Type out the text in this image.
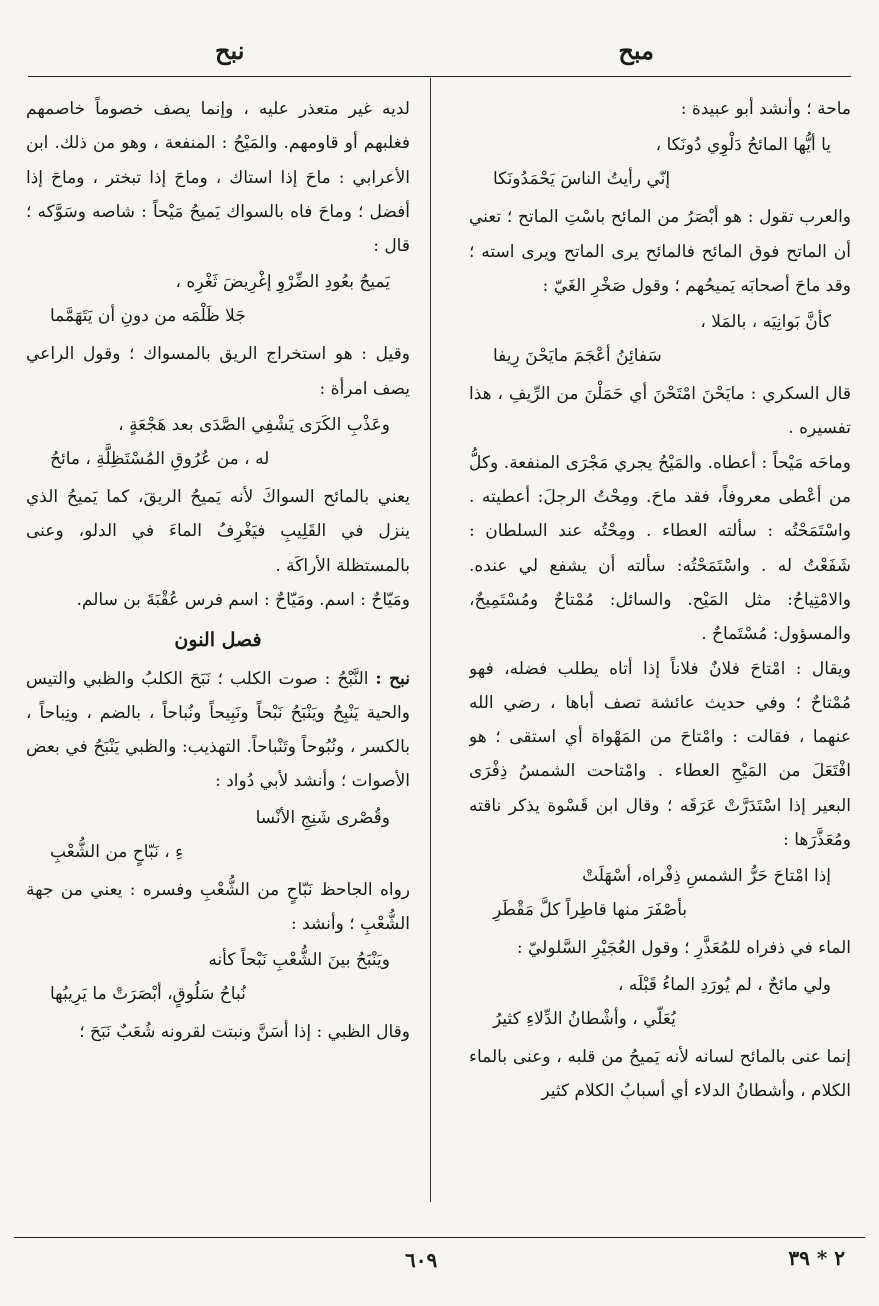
مبح
نبح

ماحة ؛ وأنشد أبو عبيدة :

يا أيُّها المائحُ دَلْوِي دُونَكا ،
إنّي رأيتُ الناسَ يَحْمَدُونَكا

والعرب تقول : هو أبْصَرُ من المائح باسْتِ الماتح ؛ تعني أن الماتح فوق المائح فالمائح يرى الماتح ويرى استه ؛ وقد ماحَ أصحابَه يَميحُهم ؛ وقول صَخْرِ الغَيّ :

كأنَّ بَوانِيَه ، بالمَلا ،
سَفائِنُ أعْجَمَ مايَحْنَ رِيفا

قال السكري : مايَحْنَ امْتَحْنَ أي حَمَلْنَ من الرِّيفِ ، هذا تفسيره .

وماحَه مَيْحاً : أعطاه. والمَيْحُ يجري مَجْرَى المنفعة. وكلُّ من أعْطى معروفاً، فقد ماحَ. ومِحْتُ الرجلَ: أعطيته . واسْتَمَحْتُه : سألته العطاء . ومِحْتُه عند السلطان : شَفَعْتُ له . واسْتَمَحْتُه: سألته أن يشفع لي عنده. والامْتِياحُ: مثل المَيْح. والسائل: مُمْتاحٌ ومُسْتَمِيحٌ، والمسؤول: مُسْتَماحٌ .

ويقال : امْتاحَ فلانٌ فلاناً إذا أتاه يطلب فضله، فهو مُمْتاحٌ ؛ وفي حديث عائشة تصف أباها ، رضي الله عنهما ، فقالت : وامْتاحَ من المَهْواة أي استقى ؛ هو افْتَعَلَ من المَيْحِ العطاء . وامْتاحت الشمسُ ذِفْرَى البعير إذا اسْتَدَرَّتْ عَرَقَه ؛ وقال ابن قَسْوة يذكر ناقته ومُعَذَّرَها :

إذا امْتاحَ حَرُّ الشمسِ ذِفْراه، أسْهَلَتْ
بأصْفَرَ منها قاطِراً كلَّ مَقْطَرِ

الماء في ذفراه للمُعَذَّرِ ؛ وقول العُجَيْرِ السَّلوليّ :

ولي مائحٌ ، لم يُورَدِ الماءُ قَبْلَه ،
يُعَلّي ، وأشْطانُ الدِّلاءِ كثيرُ

إنما عنى بالمائح لسانه لأنه يَميحُ من قلبه ، وعنى بالماء الكلام ، وأشطانُ الدلاء أي أسبابُ الكلام كثير

لديه غير متعذر عليه ، وإنما يصف خصوماً خاصمهم فغلبهم أو قاومهم. والمَيْحُ : المنفعة ، وهو من ذلك. ابن الأعرابي : ماحَ إذا استاك ، وماحَ إذا تبختر ، وماحَ إذا أفضل ؛ وماحَ فاه بالسواك يَميحُ مَيْحاً : شاصه وسَوَّكه ؛ قال :

يَميحُ بعُودِ الضِّرْوِ إغْرِيضَ ثَغْرِه ،
جَلا ظَلْمَه من دونِ أن يَتَهَمَّما

وقيل : هو استخراج الريق بالمسواك ؛ وقول الراعي يصف امرأة :

وعَذْبِ الكَرَى يَشْفِي الصَّدَى بعد هَجْعَةٍ ،
له ، من عُرُوقِ المُسْتَظِلَّةِ ، مائحُ

يعني بالمائح السواكَ لأنه يَميحُ الريقَ، كما يَميحُ الذي ينزل في القَلِيبِ فيَغْرِفُ الماءَ في الدلو، وعنى بالمستظلة الأراكَة .

ومَيّاحٌ : اسم. ومَيّاحٌ : اسم فرس عُقْبَةَ بن سالم.

فصل النون

نبح : النَّبْحُ : صوت الكلب ؛ نَبَحَ الكلبُ والظبي والتيس والحية يَنْبِحُ ويَنْبَحُ نَبْحاً ونَبِيحاً ونُباحاً ، بالضم ، ونِباحاً ، بالكسر ، ونُبُوحاً وتَنْباحاً. التهذيب: والظبي يَنْبَحُ في بعض الأصوات ؛ وأنشد لأبي دُواد :

وقُصْرى شَنِجِ الأنْسا
ءِ ، نَبّاحٍ من الشُّعْبِ

رواه الجاحظ نَبّاحٍ من الشُّعْبِ وفسره : يعني من جهة الشُّعْبِ ؛ وأنشد :

ويَنْبَحُ بينَ الشُّعْبِ نَبْحاً كأنه
نُباحُ سَلُوقٍ، أبْصَرَتْ ما يَرِيبُها

وقال الظبي : إذا أسَنَّ ونبتت لقرونه شُعَبٌ نَبَحَ ؛

٦٠٩	٢ * ٣٩
